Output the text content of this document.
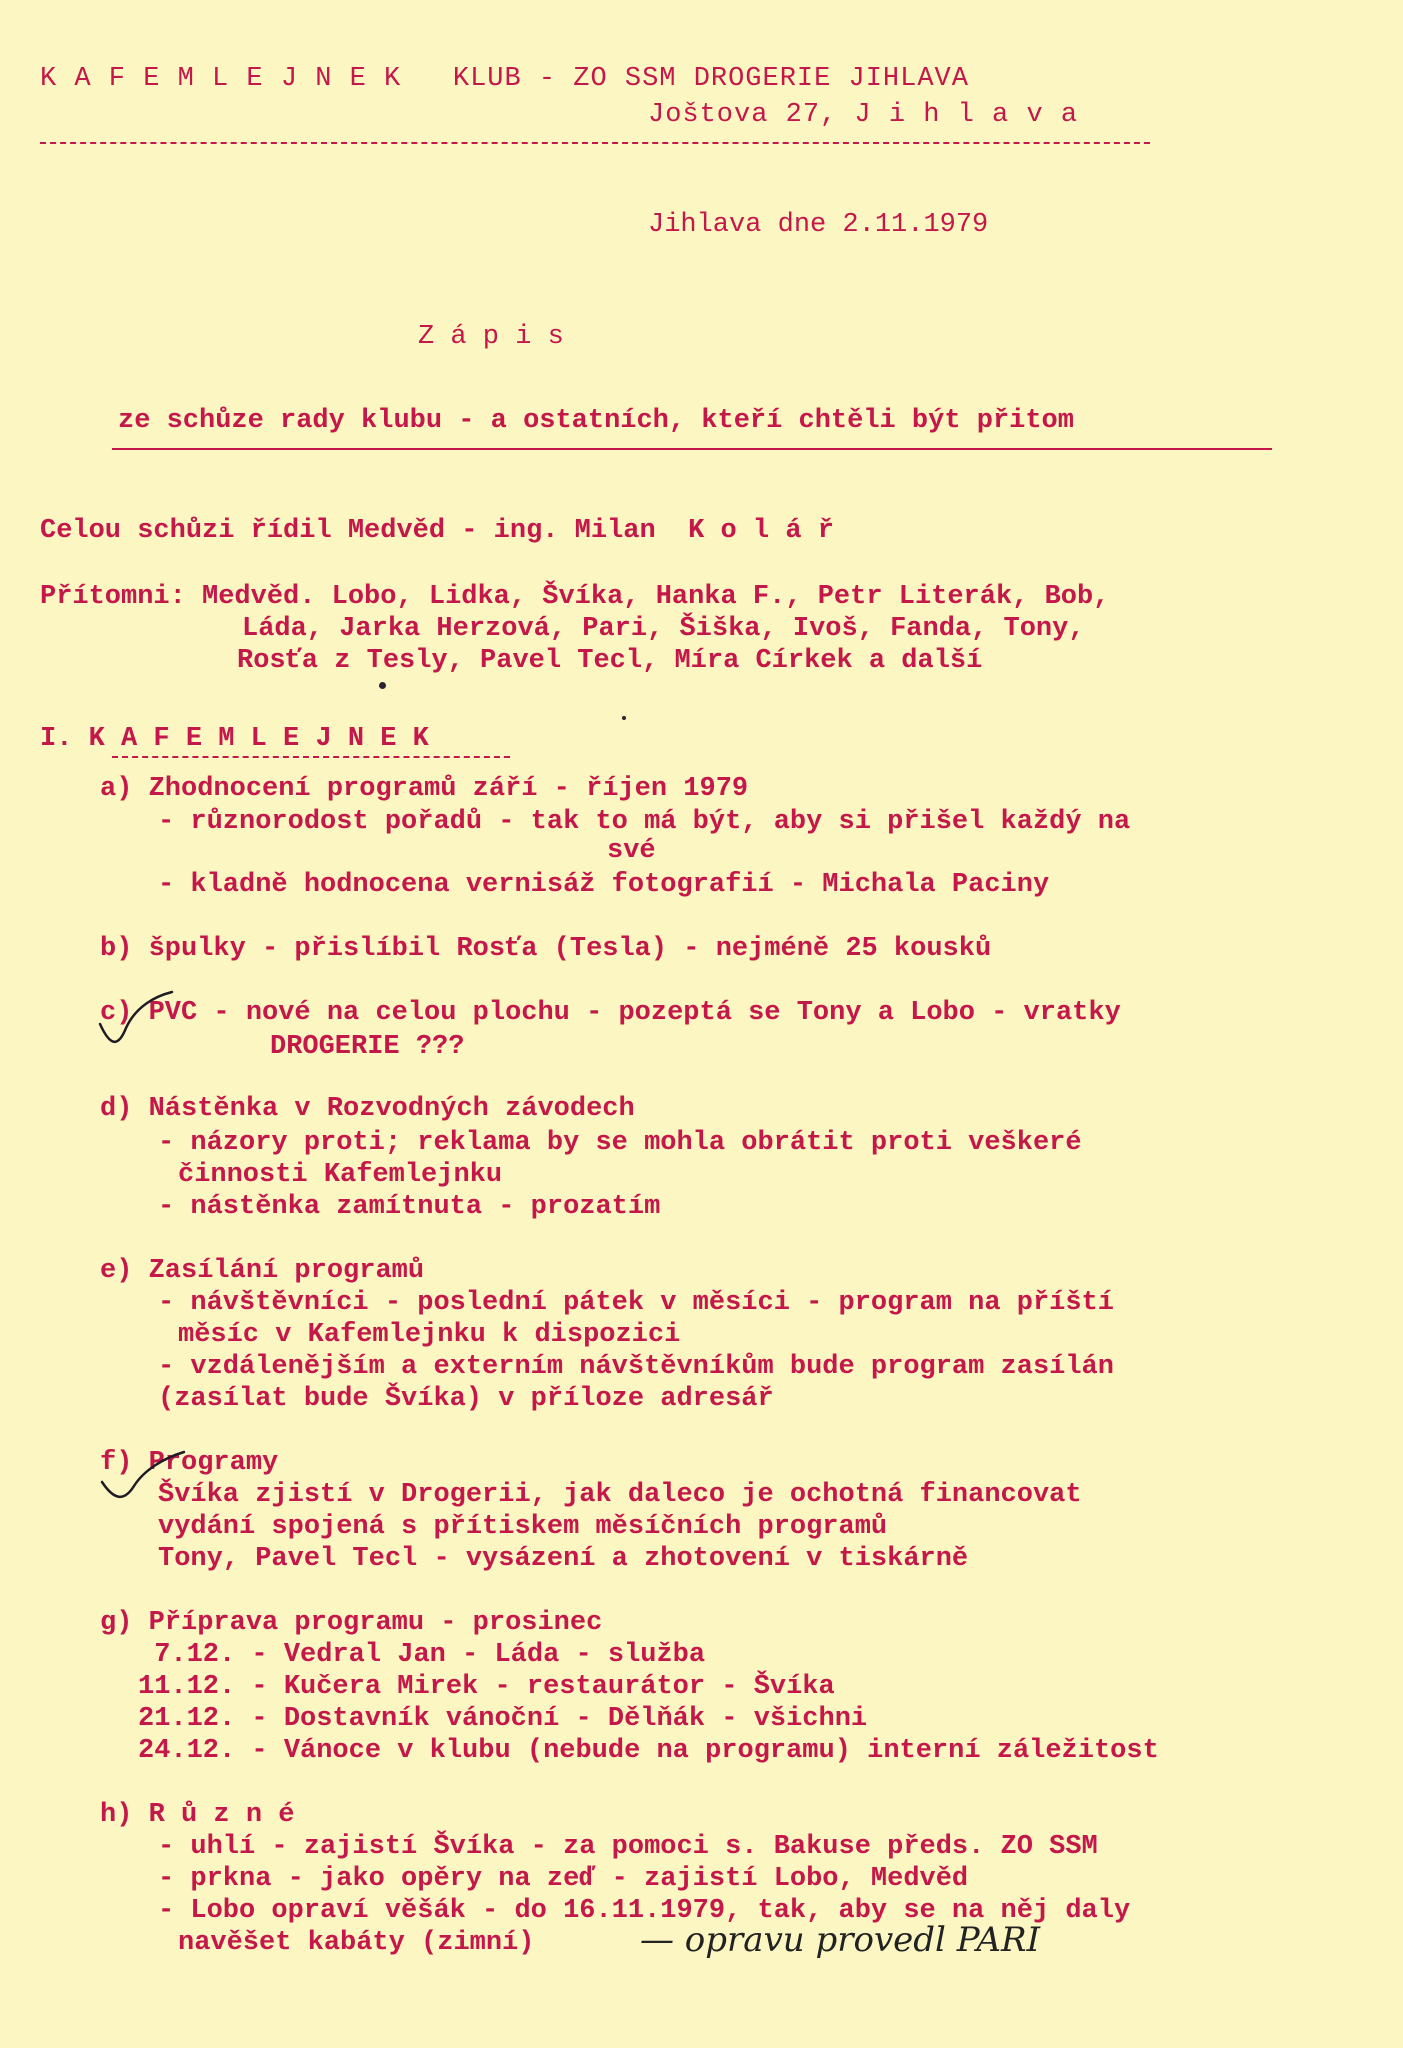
K A F E M L E J N E K   KLUB - ZO SSM DROGERIE JIHLAVA
Joštova 27, J i h l a v a
Jihlava dne 2.11.1979
Z á p i s
ze schůze rady klubu - a ostatních, kteří chtěli být přitom
Celou schůzi řídil Medvěd - ing. Milan  K o l á ř
Přítomni: Medvěd. Lobo, Lidka, Švíka, Hanka F., Petr Literák, Bob,
Láda, Jarka Herzová, Pari, Šiška, Ivoš, Fanda, Tony,
Rosťa z Tesly, Pavel Tecl, Míra Církek a další
I. K A F E M L E J N E K
a) Zhodnocení programů září - říjen 1979
- různorodost pořadů - tak to má být, aby si přišel každý na
své
- kladně hodnocena vernisáž fotografií - Michala Paciny
b) špulky - přislíbil Rosťa (Tesla) - nejméně 25 kousků
c) PVC - nové na celou plochu - pozeptá se Tony a Lobo - vratky
DROGERIE ???
d) Nástěnka v Rozvodných závodech
- názory proti; reklama by se mohla obrátit proti veškeré
činnosti Kafemlejnku
- nástěnka zamítnuta - prozatím
e) Zasílání programů
- návštěvníci - poslední pátek v měsíci - program na příští
měsíc v Kafemlejnku k dispozici
- vzdálenějším a externím návštěvníkům bude program zasílán
(zasílat bude Švíka) v příloze adresář
f) Programy
Švíka zjistí v Drogerii, jak daleco je ochotná financovat
vydání spojená s přítiskem měsíčních programů
Tony, Pavel Tecl - vysázení a zhotovení v tiskárně
g) Příprava programu - prosinec
7.12. - Vedral Jan - Láda - služba
11.12. - Kučera Mirek - restaurátor - Švíka
21.12. - Dostavník vánoční - Dělňák - všichni
24.12. - Vánoce v klubu (nebude na programu) interní záležitost
h) R ů z n é
- uhlí - zajistí Švíka - za pomoci s. Bakuse předs. ZO SSM
- prkna - jako opěry na zeď - zajistí Lobo, Medvěd
- Lobo opraví věšák - do 16.11.1979, tak, aby se na něj daly
navěšet kabáty (zimní)	— opravu provedl PARI
